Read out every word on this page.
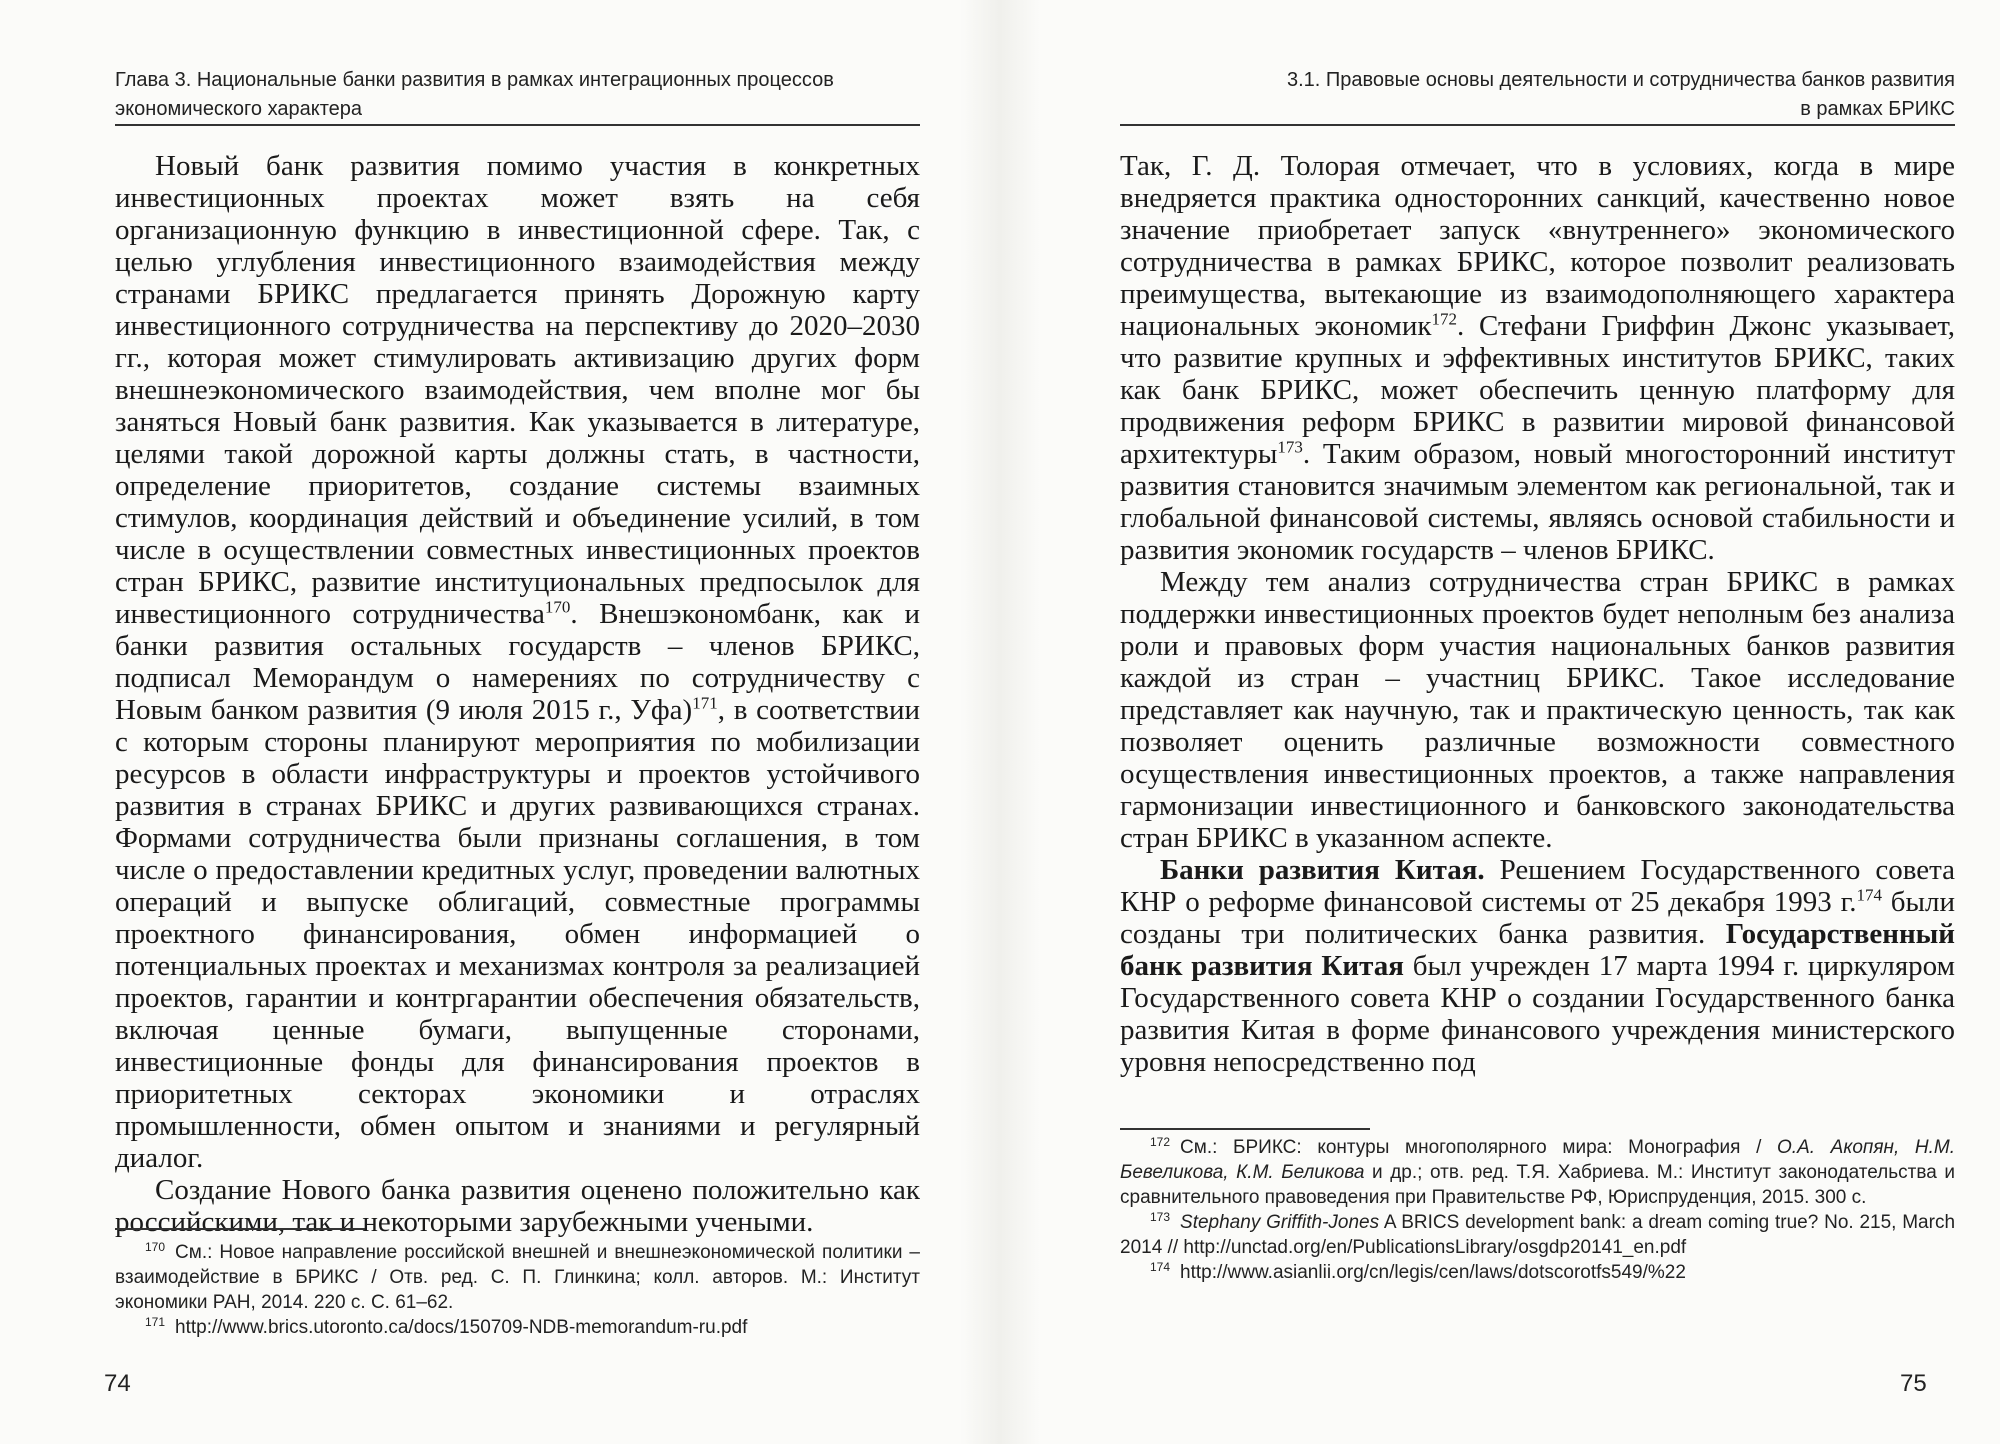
Глава 3. Национальные банки развития в рамках интеграционных процессов
экономического характера

Новый банк развития помимо участия в конкретных инвестиционных проектах может взять на себя организационную функцию в инвестиционной сфере. Так, с целью углубления инвестиционного взаимодействия между странами БРИКС предлагается принять Дорожную карту инвестиционного сотрудничества на перспективу до 2020–2030 гг., которая может стимулировать активизацию других форм внешнеэкономического взаимодействия, чем вполне мог бы заняться Новый банк развития. Как указывается в литературе, целями такой дорожной карты должны стать, в частности, определение приоритетов, создание системы взаимных стимулов, координация действий и объединение усилий, в том числе в осуществлении совместных инвестиционных проектов стран БРИКС, развитие институциональных предпосылок для инвестиционного сотрудничества$^{170}$. Внешэкономбанк, как и банки развития остальных государств – членов БРИКС, подписал Меморандум о намерениях по сотрудничеству с Новым банком развития (9 июля 2015 г., Уфа)$^{171}$, в соответствии с которым стороны планируют мероприятия по мобилизации ресурсов в области инфраструктуры и проектов устойчивого развития в странах БРИКС и других развивающихся странах. Формами сотрудничества были признаны соглашения, в том числе о предоставлении кредитных услуг, проведении валютных операций и выпуске облигаций, совместные программы проектного финансирования, обмен информацией о потенциальных проектах и механизмах контроля за реализацией проектов, гарантии и контргарантии обеспечения обязательств, включая ценные бумаги, выпущенные сторонами, инвестиционные фонды для финансирования проектов в приоритетных секторах экономики и отраслях промышленности, обмен опытом и знаниями и регулярный диалог.

Создание Нового банка развития оценено положительно как российскими, так и некоторыми зарубежными учеными.

$^{170}$ См.: Новое направление российской внешней и внешнеэкономической политики – взаимодействие в БРИКС / Отв. ред. С. П. Глинкина; колл. авторов. М.: Институт экономики РАН, 2014. 220 с. С. 61–62.

$^{171}$ http://www.brics.utoronto.ca/docs/150709-NDB-memorandum-ru.pdf

74
3.1. Правовые основы деятельности и сотрудничества банков развития
в рамках БРИКС

Так, Г. Д. Толорая отмечает, что в условиях, когда в мире внедряется практика односторонних санкций, качественно новое значение приобретает запуск «внутреннего» экономического сотрудничества в рамках БРИКС, которое позволит реализовать преимущества, вытекающие из взаимодополняющего характера национальных экономик$^{172}$. Стефани Гриффин Джонс указывает, что развитие крупных и эффективных институтов БРИКС, таких как банк БРИКС, может обеспечить ценную платформу для продвижения реформ БРИКС в развитии мировой финансовой архитектуры$^{173}$. Таким образом, новый многосторонний институт развития становится значимым элементом как региональной, так и глобальной финансовой системы, являясь основой стабильности и развития экономик государств – членов БРИКС.

Между тем анализ сотрудничества стран БРИКС в рамках поддержки инвестиционных проектов будет неполным без анализа роли и правовых форм участия национальных банков развития каждой из стран – участниц БРИКС. Такое исследование представляет как научную, так и практическую ценность, так как позволяет оценить различные возможности совместного осуществления инвестиционных проектов, а также направления гармонизации инвестиционного и банковского законодательства стран БРИКС в указанном аспекте.

Банки развития Китая. Решением Государственного совета КНР о реформе финансовой системы от 25 декабря 1993 г.$^{174}$ были созданы три политических банка развития. Государственный банк развития Китая был учрежден 17 марта 1994 г. циркуляром Государственного совета КНР о создании Государственного банка развития Китая в форме финансового учреждения министерского уровня непосредственно под

$^{172}$ См.: БРИКС: контуры многополярного мира: Монография / О.А. Акопян, Н.М. Бевеликова, К.М. Беликова и др.; отв. ред. Т.Я. Хабриева. М.: Институт законодательства и сравнительного правоведения при Правительстве РФ, Юриспруденция, 2015. 300 с.

$^{173}$ Stephany Griffith-Jones A BRICS development bank: a dream coming true? No. 215, March 2014 // http://unctad.org/en/PublicationsLibrary/osgdp20141_en.pdf

$^{174}$ http://www.asianlii.org/cn/legis/cen/laws/dotscorotfs549/%22

75
